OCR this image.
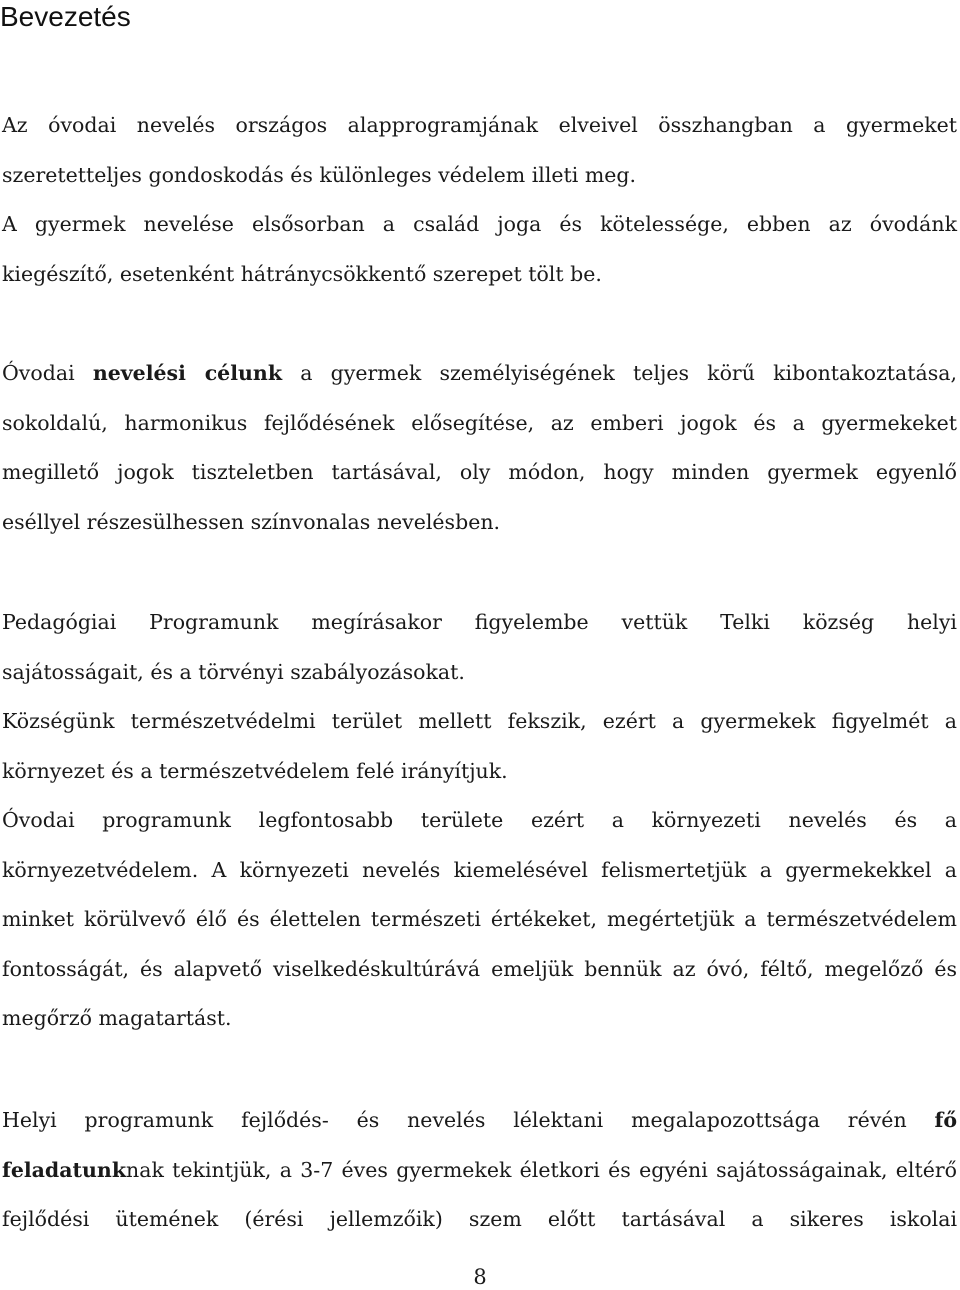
Bevezetés
Az óvodai nevelés országos alapprogramjának elveivel összhangban a gyermeket
szeretetteljes gondoskodás és különleges védelem illeti meg.
A gyermek nevelése elsősorban a család joga és kötelessége, ebben az óvodánk
kiegészítő, esetenként hátránycsökkentő szerepet tölt be.
Óvodai nevelési célunk a gyermek személyiségének teljes körű kibontakoztatása,
sokoldalú, harmonikus fejlődésének elősegítése, az emberi jogok és a gyermekeket
megillető jogok tiszteletben tartásával, oly módon, hogy minden gyermek egyenlő
eséllyel részesülhessen színvonalas nevelésben.
Pedagógiai Programunk megírásakor figyelembe vettük Telki község helyi
sajátosságait, és a törvényi szabályozásokat.
Községünk természetvédelmi terület mellett fekszik, ezért a gyermekek figyelmét a
környezet és a természetvédelem felé irányítjuk.
Óvodai programunk legfontosabb területe ezért a környezeti nevelés és a
környezetvédelem. A környezeti nevelés kiemelésével felismertetjük a gyermekekkel a
minket körülvevő élő és élettelen természeti értékeket, megértetjük a természetvédelem
fontosságát, és alapvető viselkedéskultúrává emeljük bennük az óvó, féltő, megelőző és
megőrző magatartást.
Helyi programunk fejlődés- és nevelés lélektani megalapozottsága révén fő
feladatunknak tekintjük, a 3-7 éves gyermekek életkori és egyéni sajátosságainak, eltérő
fejlődési ütemének (érési jellemzőik) szem előtt tartásával a sikeres iskolai
8
